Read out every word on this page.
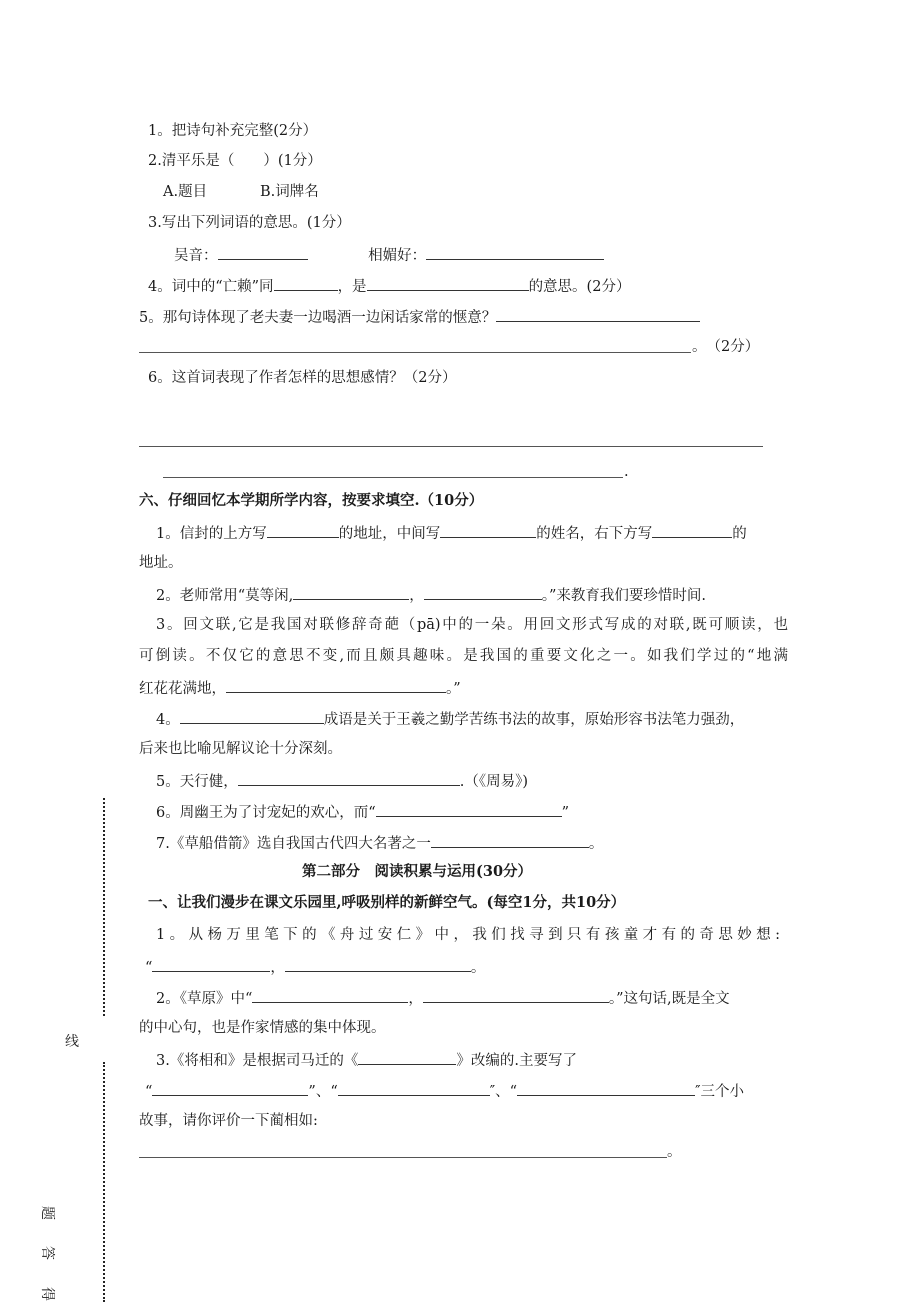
线
题
答
得
1。把诗句补充完整(2分）
2.清平乐是（　　）(1分）
A.题目	B.词牌名
3.写出下列词语的意思。(1分）
吴音：	相媚好：
4。词中的“亡赖”同	，是	的意思。(2分）
5。那句诗体现了老夫妻一边喝酒一边闲话家常的惬意？
。　（2分）
6。这首词表现了作者怎样的思想感情？（2分）
.
六、仔细回忆本学期所学内容，按要求填空.（10分）
1。信封的上方写	的地址，中间写	的姓名，右下方写	的
地址。
2。老师常用“莫等闲,	，	。”来教育我们要珍惜时间.
3。回文联,它是我国对联修辞奇葩（pā)中的一朵。用回文形式写成的对联,既可顺读，也
可倒读。不仅它的意思不变,而且颇具趣味。是我国的重要文化之一。如我们学过的“地满
红花花满地，	。”
4。	成语是关于王羲之勤学苦练书法的故事，原始形容书法笔力强劲，
后来也比喻见解议论十分深刻。
5。天行健，	.（《周易》)
6。周幽王为了讨宠妃的欢心，而“	”
7.《草船借箭》选自我国古代四大名著之一	。
第二部分　阅读积累与运用(30分）
一、让我们漫步在课文乐园里,呼吸别样的新鲜空气。(每空1分，共10分）
1。从杨万里笔下的《舟过安仁》中，我们找寻到只有孩童才有的奇思妙想:
“	，	。
2。《草原》中“	，	。”这句话,既是全文
的中心句，也是作家情感的集中体现。
3.《将相和》是根据司马迁的《	》改编的.主要写了
“	”、“	″、“	″三个小
故事，请你评价一下蔺相如:
。
